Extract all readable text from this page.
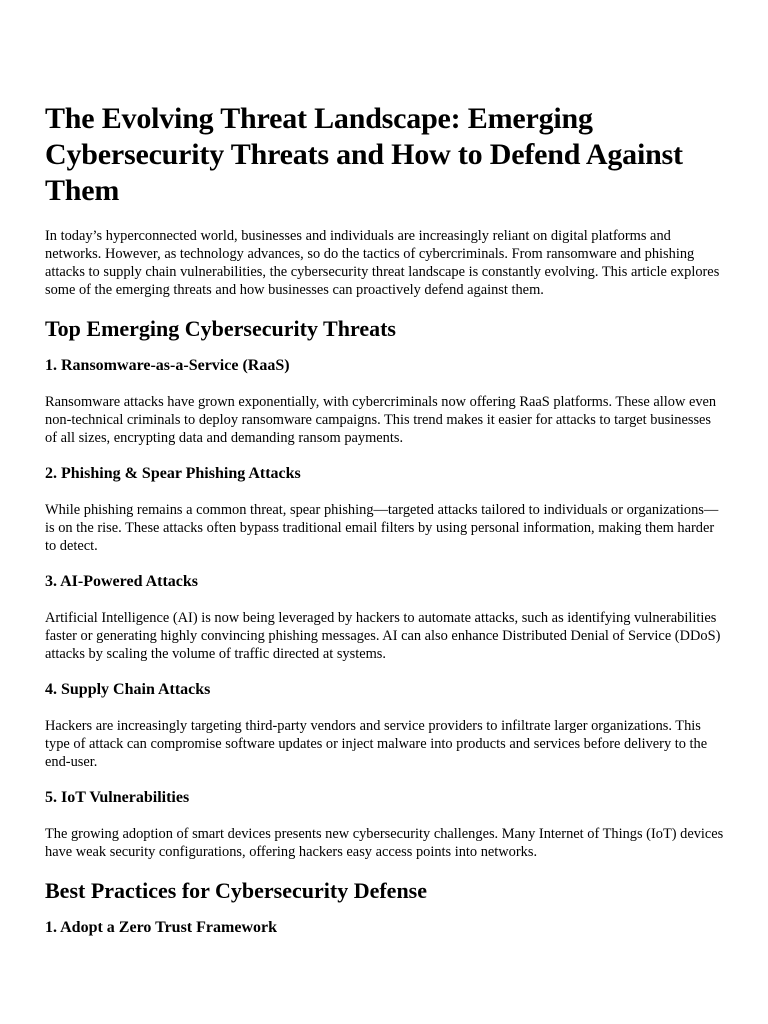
The Evolving Threat Landscape: Emerging Cybersecurity Threats and How to Defend Against Them

In today’s hyperconnected world, businesses and individuals are increasingly reliant on digital platforms and networks. However, as technology advances, so do the tactics of cybercriminals. From ransomware and phishing attacks to supply chain vulnerabilities, the cybersecurity threat landscape is constantly evolving. This article explores some of the emerging threats and how businesses can proactively defend against them.

Top Emerging Cybersecurity Threats
1. Ransomware-as-a-Service (RaaS)

Ransomware attacks have grown exponentially, with cybercriminals now offering RaaS platforms. These allow even non-technical criminals to deploy ransomware campaigns. This trend makes it easier for attacks to target businesses of all sizes, encrypting data and demanding ransom payments.

2. Phishing & Spear Phishing Attacks

While phishing remains a common threat, spear phishing—targeted attacks tailored to individuals or organizations—is on the rise. These attacks often bypass traditional email filters by using personal information, making them harder to detect.

3. AI-Powered Attacks

Artificial Intelligence (AI) is now being leveraged by hackers to automate attacks, such as identifying vulnerabilities faster or generating highly convincing phishing messages. AI can also enhance Distributed Denial of Service (DDoS) attacks by scaling the volume of traffic directed at systems.

4. Supply Chain Attacks

Hackers are increasingly targeting third-party vendors and service providers to infiltrate larger organizations. This type of attack can compromise software updates or inject malware into products and services before delivery to the end-user.

5. IoT Vulnerabilities

The growing adoption of smart devices presents new cybersecurity challenges. Many Internet of Things (IoT) devices have weak security configurations, offering hackers easy access points into networks.

Best Practices for Cybersecurity Defense
1. Adopt a Zero Trust Framework
